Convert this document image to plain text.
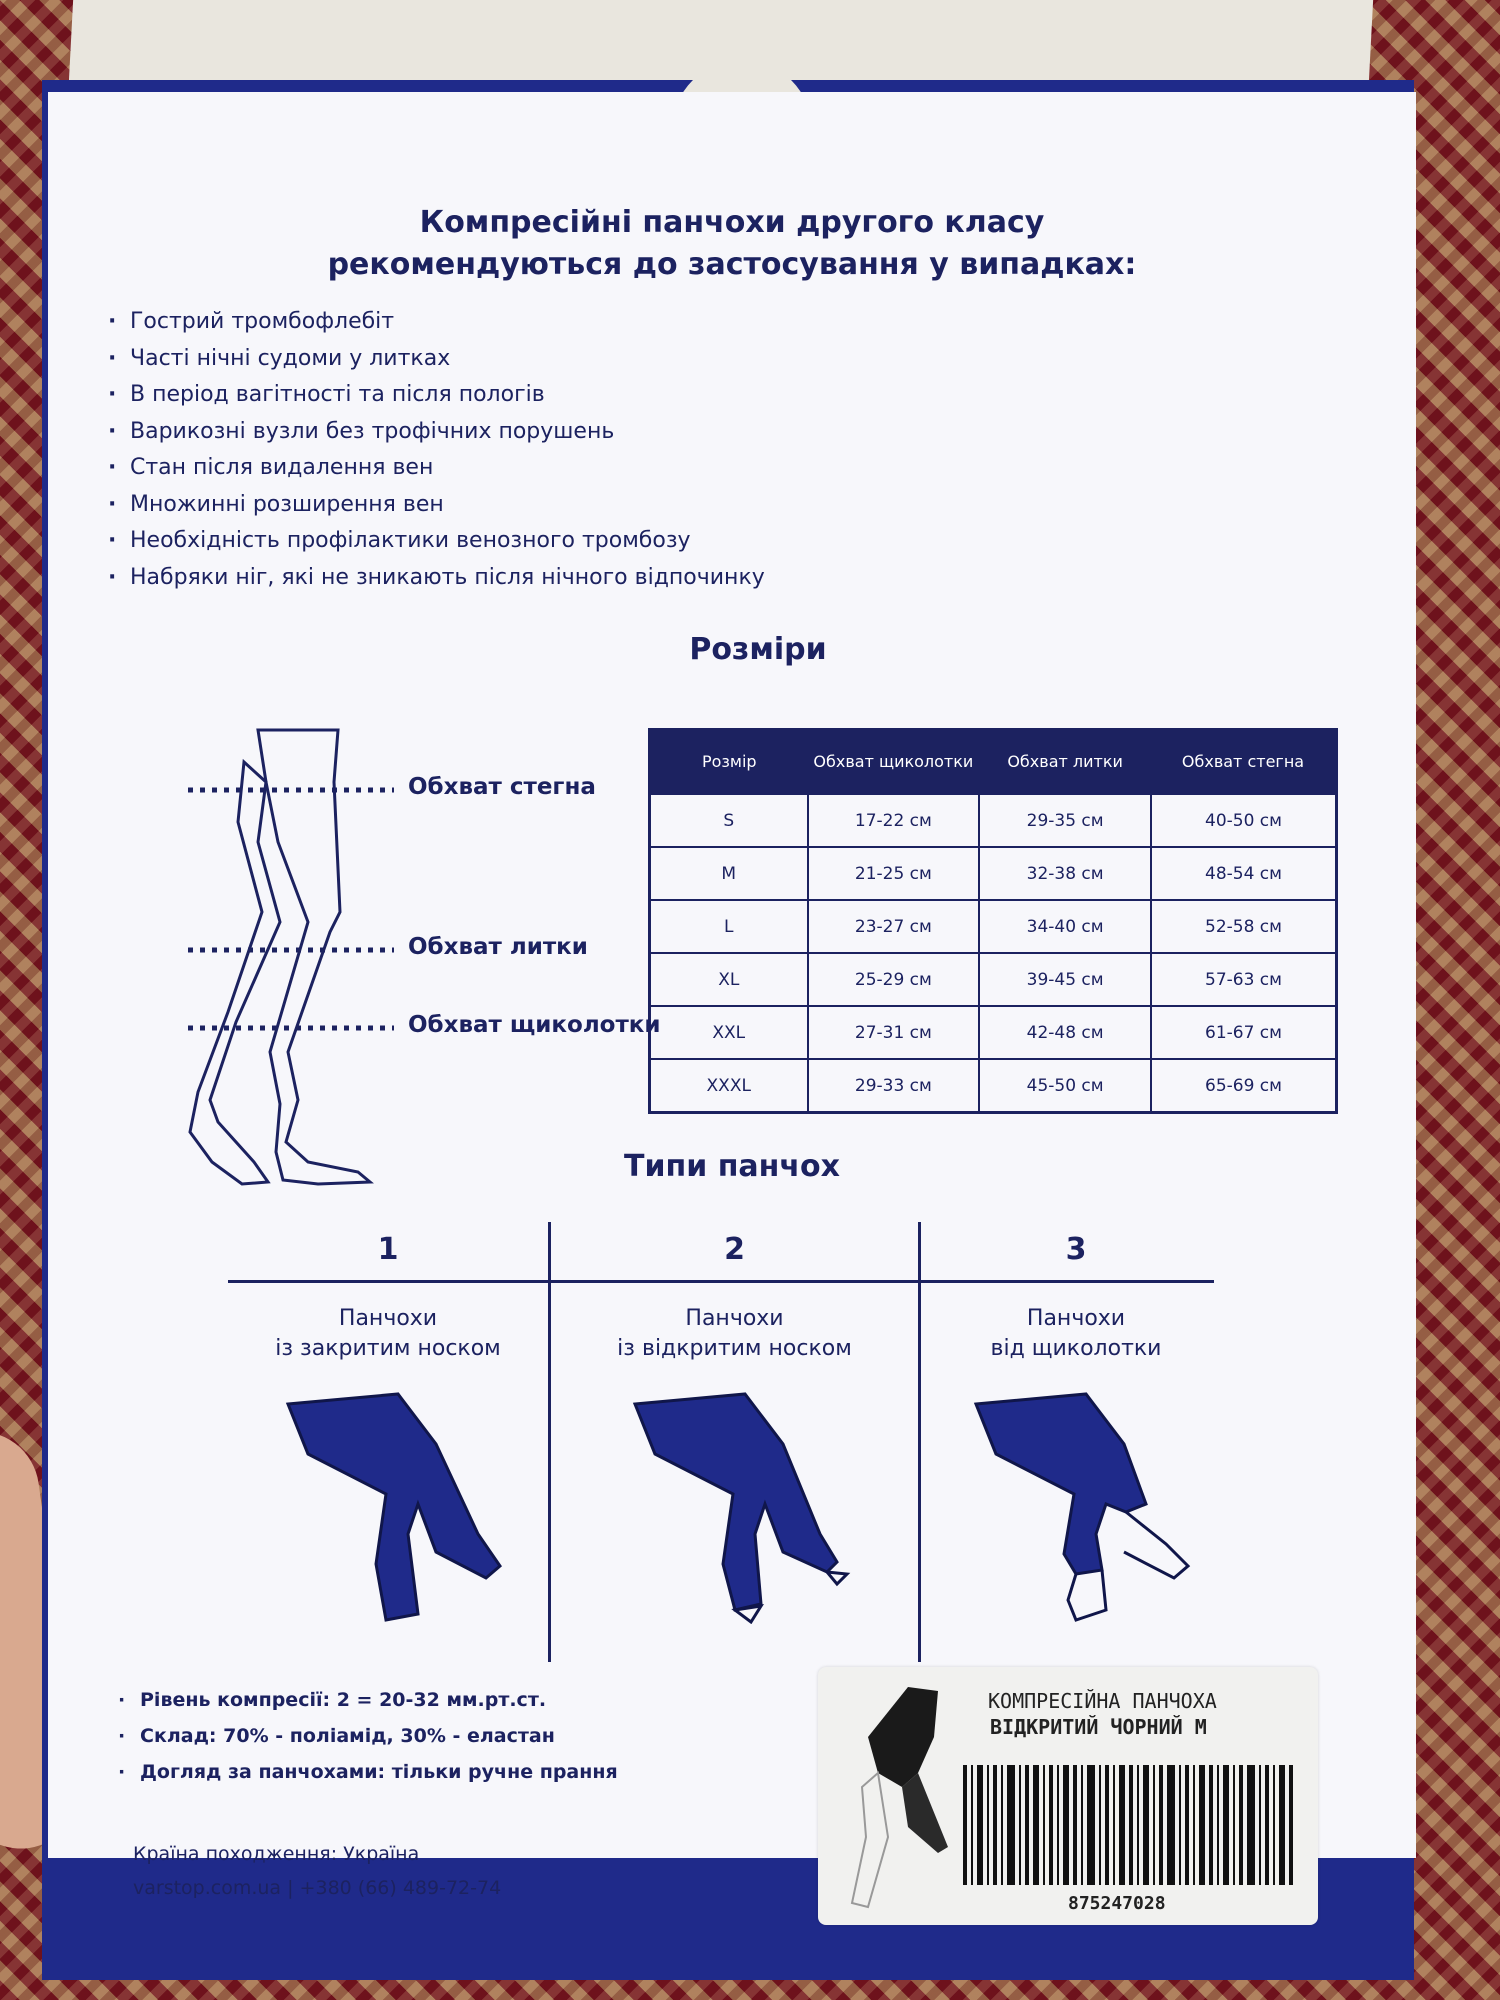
Компресійні панчохи другого класу
рекомендуються до застосування у випадках:
· Гострий тромбофлебіт
· Часті нічні судоми у литках
· В період вагітності та після пологів
· Варикозні вузли без трофічних порушень
· Стан після видалення вен
· Множинні розширення вен
· Необхідність профілактики венозного тромбозу
· Набряки ніг, які не зникають після нічного відпочинку
Розміри
Обхват стегна
Обхват литки
Обхват щиколотки
Розмір	Обхват щиколотки	Обхват литки	Обхват стегна
S	17-22 см	29-35 см	40-50 см
M	21-25 см	32-38 см	48-54 см
L	23-27 см	34-40 см	52-58 см
XL	25-29 см	39-45 см	57-63 см
XXL	27-31 см	42-48 см	61-67 см
XXXL	29-33 см	45-50 см	65-69 см
Типи панчох
1
Панчохи
із закритим носком
2
Панчохи
із відкритим носком
3
Панчохи
від щиколотки
· Рівень компресії: 2 = 20-32 мм.рт.ст.
· Склад: 70% - поліамід, 30% - еластан
· Догляд за панчохами: тільки ручне прання
Країна походження: Україна
varstop.com.ua | +380 (66) 489-72-74
КОМПРЕСІЙНА ПАНЧОХА
ВІДКРИТИЙ ЧОРНИЙ М
875247028
